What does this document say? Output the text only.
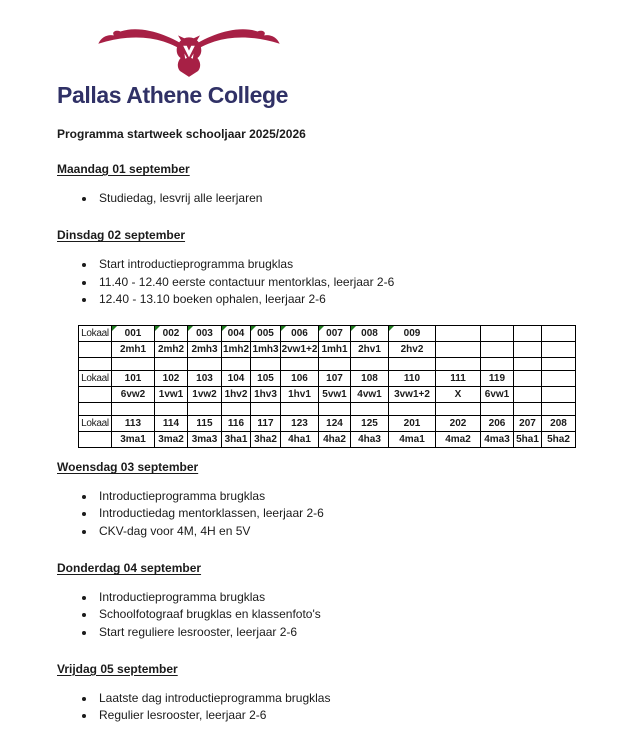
Pallas Athene College
Programma startweek schooljaar 2025/2026
Maandag 01 september
Studiedag, lesvrij alle leerjaren
Dinsdag 02 september
Start introductieprogramma brugklas
11.40 - 12.40 eerste contactuur mentorklas, leerjaar 2-6
12.40 - 13.10 boeken ophalen, leerjaar 2-6
Lokaal	001	002	003	004	005	006	007	008	009

	2mh1	2mh2	2mh3	1mh2	1mh3	2vw1+2	1mh1	2hv1	2hv2				

Lokaal	101	102	103	104	105	106	107	108	110	111	119		
	6vw2	1vw1	1vw2	1hv2	1hv3	1hv1	5vw1	4vw1	3vw1+2	X	6vw1		

Lokaal	113	114	115	116	117	123	124	125	201	202	206	207	208
	3ma1	3ma2	3ma3	3ha1	3ha2	4ha1	4ha2	4ha3	4ma1	4ma2	4ma3	5ha1	5ha2
Woensdag 03 september
Introductieprogramma brugklas
Introductiedag mentorklassen, leerjaar 2-6
CKV-dag voor 4M, 4H en 5V
Donderdag 04 september
Introductieprogramma brugklas
Schoolfotograaf brugklas en klassenfoto's
Start reguliere lesrooster, leerjaar 2-6
Vrijdag 05 september
Laatste dag introductieprogramma brugklas
Regulier lesrooster, leerjaar 2-6
